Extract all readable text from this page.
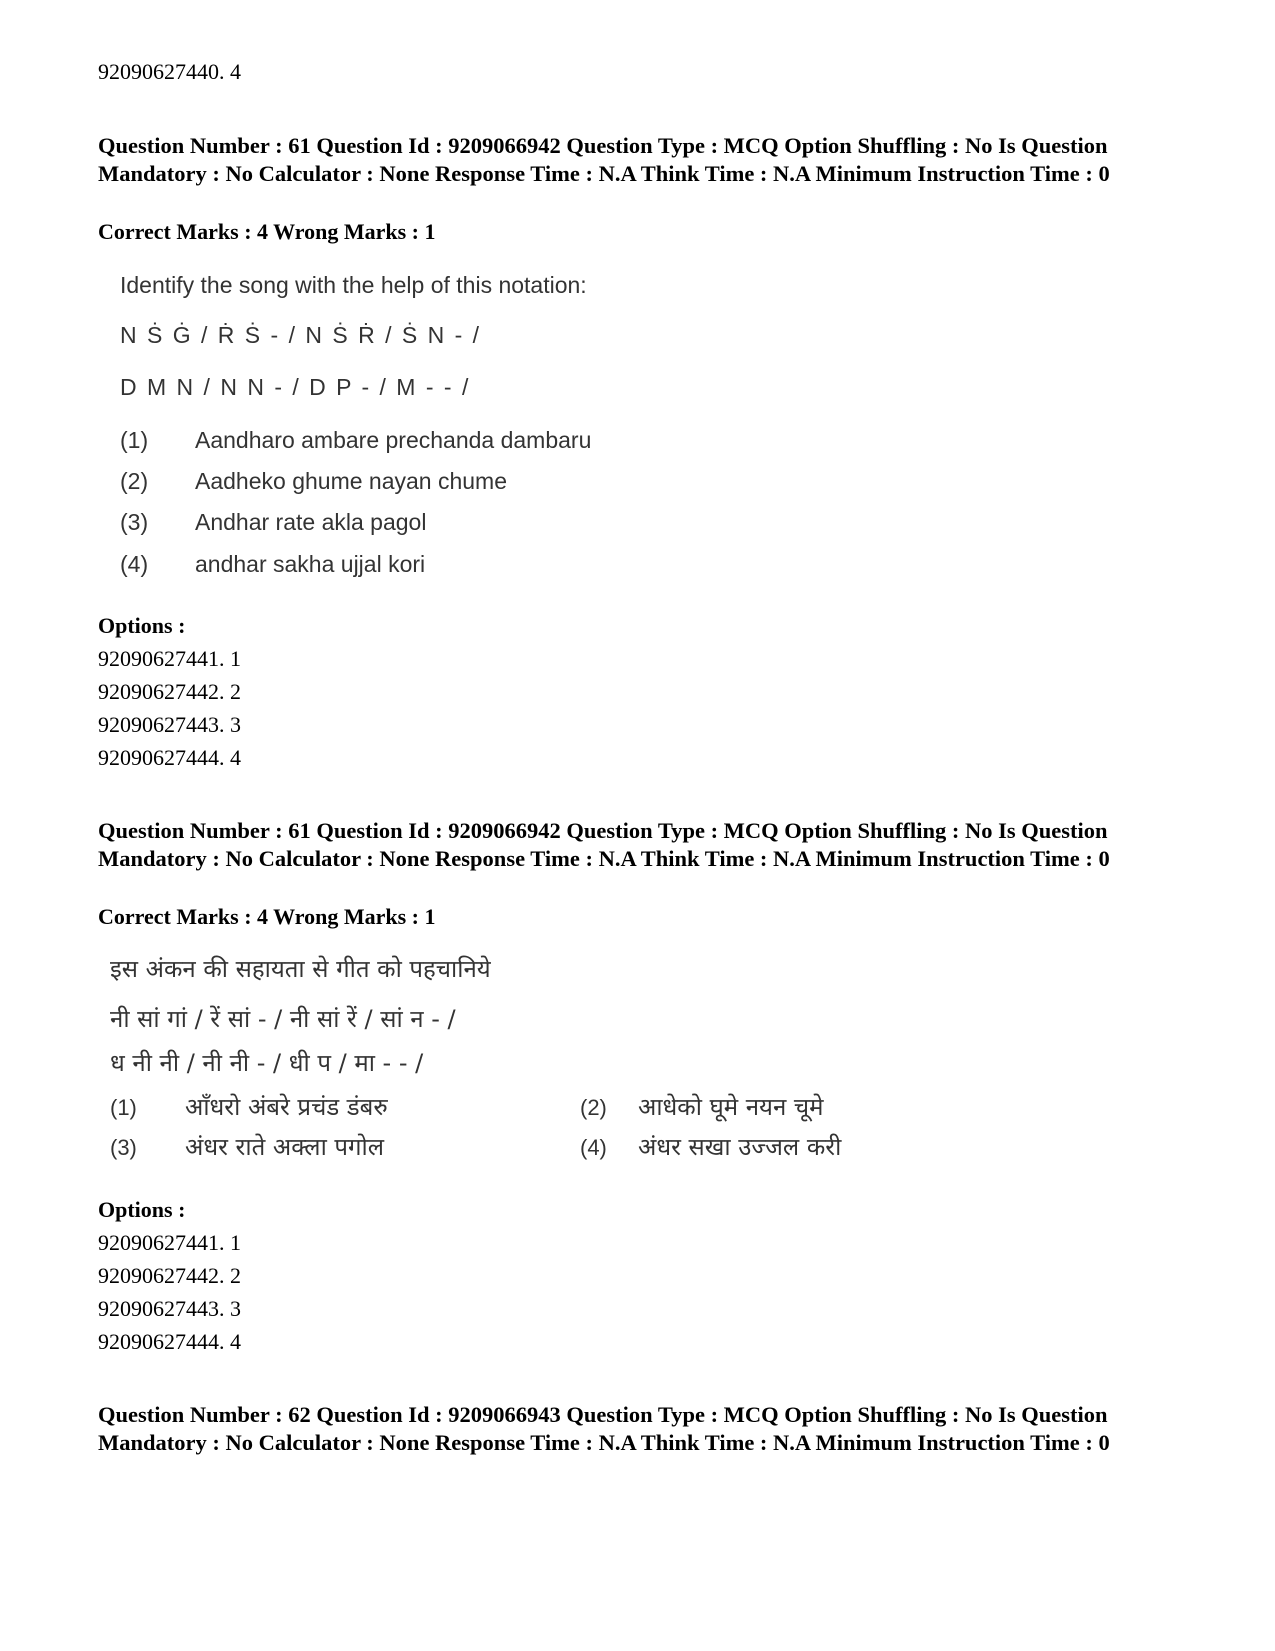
92090627440. 4
Question Number : 61 Question Id : 9209066942 Question Type : MCQ Option Shuffling : No Is Question Mandatory : No Calculator : None Response Time : N.A Think Time : N.A Minimum Instruction Time : 0
Correct Marks : 4 Wrong Marks : 1
Identify the song with the help of this notation:
N Ṡ Ġ / Ṙ Ṡ - / N Ṡ Ṙ / Ṡ N - /
D M N / N N - / D P - / M - - /
(1) Aandharo ambare prechanda dambaru
(2) Aadheko ghume nayan chume
(3) Andhar rate akla pagol
(4) andhar sakha ujjal kori
Options :
92090627441. 1
92090627442. 2
92090627443. 3
92090627444. 4
Question Number : 61 Question Id : 9209066942 Question Type : MCQ Option Shuffling : No Is Question Mandatory : No Calculator : None Response Time : N.A Think Time : N.A Minimum Instruction Time : 0
Correct Marks : 4 Wrong Marks : 1
इस अंकन की सहायता से गीत को पहचानिये
नी सां गां / रें सां - / नी सां रें / सां न - /
ध नी नी / नी नी - / धी प / मा - - /
(1) आँधरो अंबरे प्रचंड डंबरु	(2) आधेको घूमे नयन चूमे
(3) अंधर राते अक्ला पगोल	(4) अंधर सखा उज्जल करी
Options :
92090627441. 1
92090627442. 2
92090627443. 3
92090627444. 4
Question Number : 62 Question Id : 9209066943 Question Type : MCQ Option Shuffling : No Is Question Mandatory : No Calculator : None Response Time : N.A Think Time : N.A Minimum Instruction Time : 0
